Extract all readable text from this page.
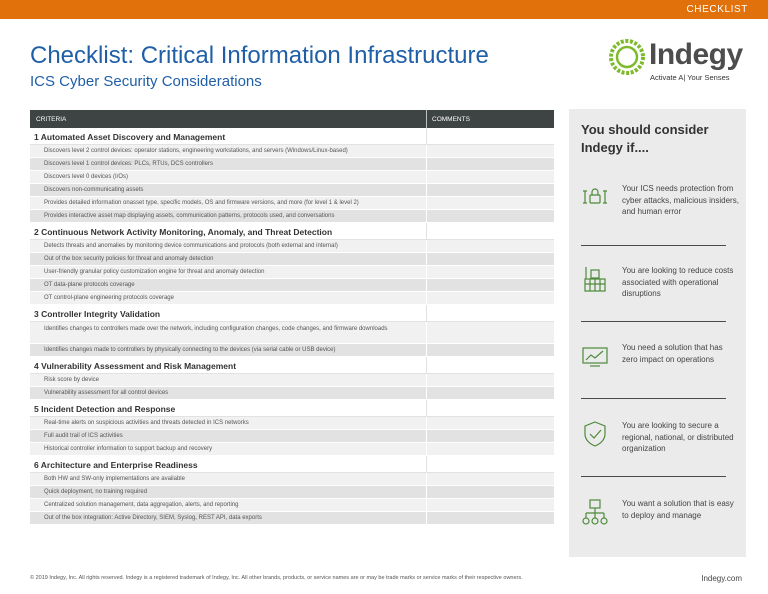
CHECKLIST
Checklist: Critical Information Infrastructure
ICS Cyber Security Considerations
Indegy
Activate A| Your Senses
CRITERIA	COMMENTS
1 Automated Asset Discovery and Management
Discovers level 2 control devices: operator stations, engineering workstations, and servers (Windows/Linux-based)
Discovers level 1 control devices: PLCs, RTUs, DCS controllers
Discovers level 0 devices (I/Os)
Discovers non-communicating assets
Provides detailed information onasset type, specific models, OS and firmware versions, and more (for level 1 & level 2)
Provides interactive asset map displaying assets, communication patterns, protocols used, and conversations
2 Continuous Network Activity Monitoring, Anomaly, and Threat Detection
Detects threats and anomalies by monitoring device communications and protocols (both external and internal)
Out of the box security policies for threat and anomaly detection
User-friendly granular policy customization engine for threat and anomaly detection
OT data-plane protocols coverage
OT control-plane engineering protocols coverage
3 Controller Integrity Validation
Identifies changes to controllers made over the network, including configuration changes, code changes, and firmware downloads
Identifies changes made to controllers by physically connecting to the devices (via serial cable or USB device)
4 Vulnerability Assessment and Risk Management
Risk score by device
Vulnerability assessment for all control devices
5 Incident Detection and Response
Real-time alerts on suspicious activities and threats detected in ICS networks
Full audit trail of ICS activities
Historical controller information to support backup and recovery
6 Architecture and Enterprise Readiness
Both HW and SW-only implementations are available
Quick deployment, no training required
Centralized solution management, data aggregation, alerts, and reporting
Out of the box integration: Active Directory, SIEM, Syslog, REST API, data exports
You should consider Indegy if....
Your ICS needs protection from cyber attacks, malicious insiders, and human error
You are looking to reduce costs associated with operational disruptions
You need a solution that has zero impact on operations
You are looking to secure a regional, national, or distributed organization
You want a solution that is easy to deploy and manage
© 2019 Indegy, Inc. All rights reserved. Indegy is a registered trademark of Indegy, Inc. All other brands, products, or service names are or may be trade marks or service marks of their respective owners.	Indegy.com
